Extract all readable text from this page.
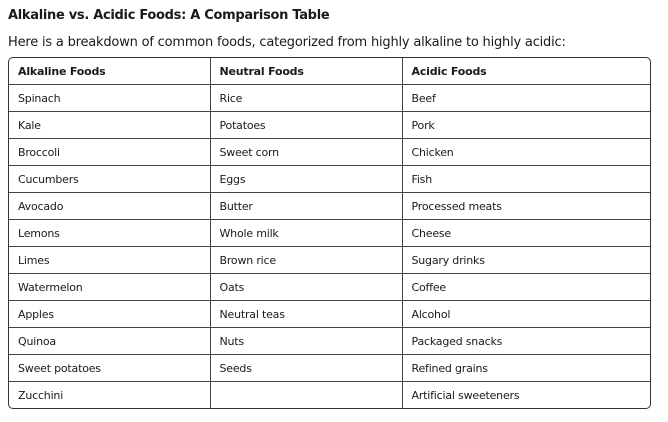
Alkaline vs. Acidic Foods: A Comparison Table
Here is a breakdown of common foods, categorized from highly alkaline to highly acidic:
Alkaline Foods	Neutral Foods	Acidic Foods
Spinach	Rice	Beef
Kale	Potatoes	Pork
Broccoli	Sweet corn	Chicken
Cucumbers	Eggs	Fish
Avocado	Butter	Processed meats
Lemons	Whole milk	Cheese
Limes	Brown rice	Sugary drinks
Watermelon	Oats	Coffee
Apples	Neutral teas	Alcohol
Quinoa	Nuts	Packaged snacks
Sweet potatoes	Seeds	Refined grains
Zucchini		Artificial sweeteners
